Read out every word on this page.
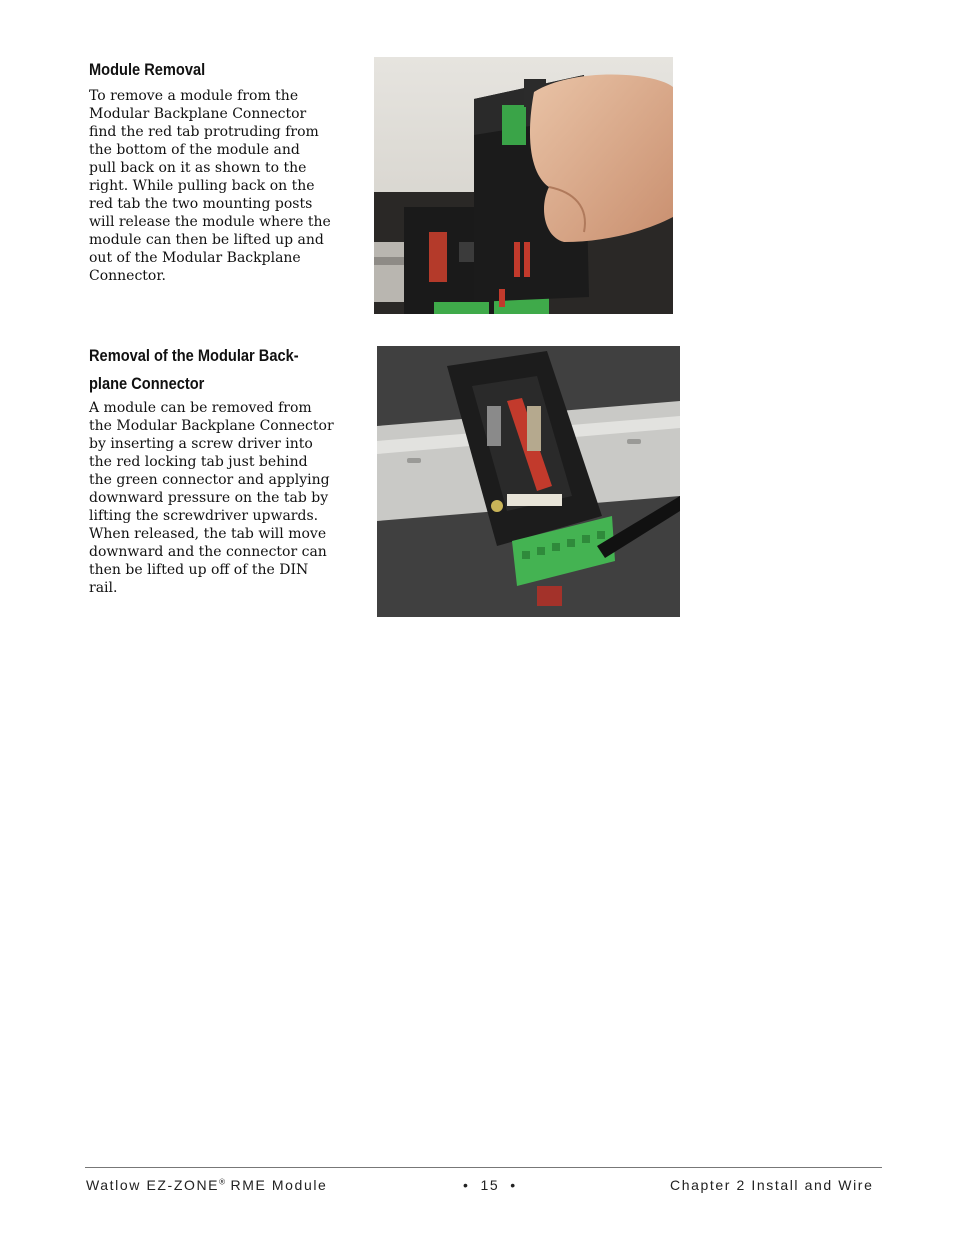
Module Removal
To remove a module from the
Modular Backplane Connector
find the red tab protruding from
the bottom of the module and
pull back on it as shown to the
right. While pulling back on the
red tab the two mounting posts
will release the module where the
module can then be lifted up and
out of the Modular Backplane
Connector.
Removal of the Modular Back-
plane Connector
A module can be removed from
the Modular Backplane Connector
by inserting a screw driver into
the red locking tab just behind
the green connector and applying
downward pressure on the tab by
lifting the screwdriver upwards.
When released, the tab will move
downward and the connector can
then be lifted up off of the DIN
rail.
Watlow EZ-ZONE® RME Module	•  15  •	Chapter 2 Install and Wire
